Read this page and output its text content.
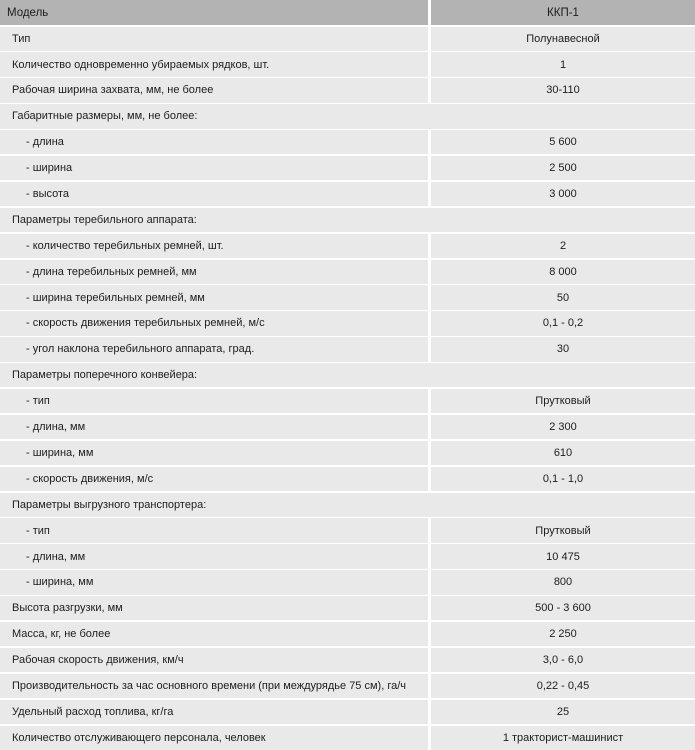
Модель	ККП-1
Тип	Полунавесной
Количество одновременно убираемых рядков, шт.	1
Рабочая ширина захвата, мм, не более	30-110
Габаритные размеры, мм, не более:
- длина	5 600
- ширина	2 500
- высота	3 000
Параметры теребильного аппарата:
- количество теребильных ремней, шт.	2
- длина теребильных ремней, мм	8 000
- ширина теребильных ремней, мм	50
- скорость движения теребильных ремней, м/с	0,1 - 0,2
- угол наклона теребильного аппарата, град.	30
Параметры поперечного конвейера:
- тип	Прутковый
- длина, мм	2 300
- ширина, мм	610
- скорость движения, м/с	0,1 - 1,0
Параметры выгрузного транспортера:
- тип	Прутковый
- длина, мм	10 475
- ширина, мм	800
Высота разгрузки, мм	500 - 3 600
Масса, кг, не более	2 250
Рабочая скорость движения, км/ч	3,0 - 6,0
Производительность за час основного времени (при междурядье 75 см), га/ч	0,22 - 0,45
Удельный расход топлива, кг/га	25
Количество отслуживающего персонала, человек	1 тракторист-машинист
